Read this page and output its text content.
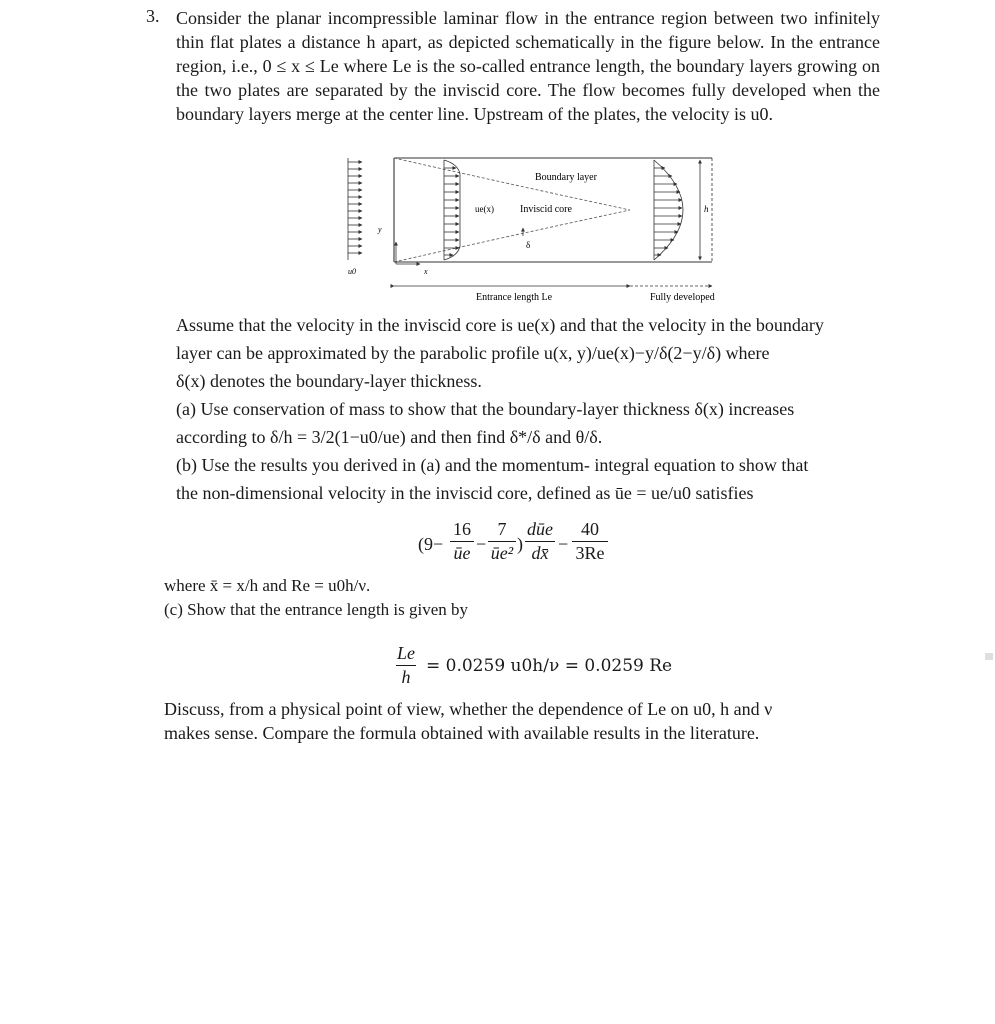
3. Consider the planar incompressible laminar flow in the entrance region between two infinitely thin flat plates a distance h apart, as depicted schematically in the figure below. In the entrance region, i.e., 0 ≤ x ≤ Le where Le is the so-called entrance length, the boundary layers growing on the two plates are separated by the inviscid core. The flow becomes fully developed when the boundary layers merge at the center line. Upstream of the plates, the velocity is u0.

Boundary layer
ue(x)	Inviscid core
δ
h
y
x
u0
Entrance length Le	Fully developed

Assume that the velocity in the inviscid core is ue(x) and that the velocity in the boundary

layer can be approximated by the parabolic profile u(x, y)/ue(x)−y/δ(2−y/δ) where

δ(x) denotes the boundary-layer thickness.

(a) Use conservation of mass to show that the boundary-layer thickness δ(x) increases

according to δ/h = 3/2(1−u0/ue) and then find δ*/δ and θ/δ.

(b) Use the results you derived in (a) and the momentum- integral equation to show that

the non-dimensional velocity in the inviscid core, defined as ūe = ue/u0 satisfies

($9- \frac{16}{ūe} - \frac{7}{\text{ūe²}}$ )
dūe
dx̄ − $\frac{40}{3Re}$

where x̄ = x/h and Re = u0h/ν.

(c) Show that the entrance length is given by

$\frac{Le}{h} = 0.0259$ u0h/ν = 0.0259 Re

Discuss, from a physical point of view, whether the dependence of Le on u0, h and ν

makes sense. Compare the formula obtained with available results in the literature.
